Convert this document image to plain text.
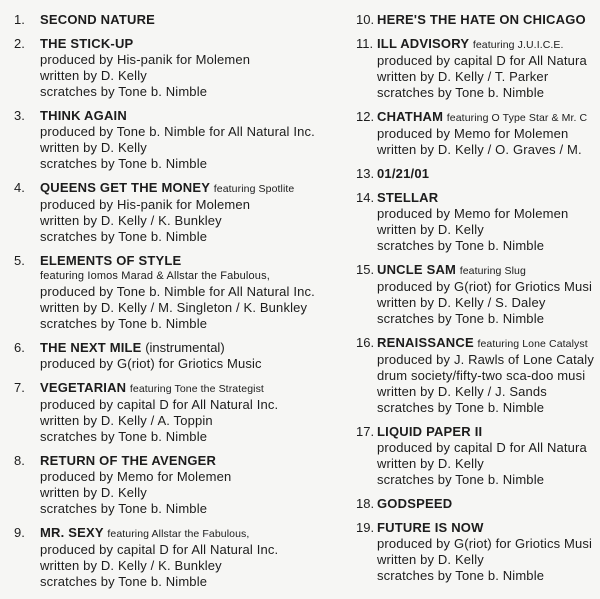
1. SECOND NATURE
2. THE STICK-UP
produced by His-panik for Molemen
written by D. Kelly
scratches by Tone b. Nimble
3. THINK AGAIN
produced by Tone b. Nimble for All Natural Inc.
written by D. Kelly
scratches by Tone b. Nimble
4. QUEENS GET THE MONEY featuring Spotlite
produced by His-panik for Molemen
written by D. Kelly / K. Bunkley
scratches by Tone b. Nimble
5. ELEMENTS OF STYLE
featuring Iomos Marad & Allstar the Fabulous,
produced by Tone b. Nimble for All Natural Inc.
written by D. Kelly / M. Singleton / K. Bunkley
scratches by Tone b. Nimble
6. THE NEXT MILE (instrumental)
produced by G(riot) for Griotics Music
7. VEGETARIAN featuring Tone the Strategist
produced by capital D for All Natural Inc.
written by D. Kelly / A. Toppin
scratches by Tone b. Nimble
8. RETURN OF THE AVENGER
produced by Memo for Molemen
written by D. Kelly
scratches by Tone b. Nimble
9. MR. SEXY featuring Allstar the Fabulous,
produced by capital D for All Natural Inc.
written by D. Kelly / K. Bunkley
scratches by Tone b. Nimble
10. HERE'S THE HATE ON CHICAGO
11. ILL ADVISORY featuring J.U.I.C.E.
produced by capital D for All Natura
written by D. Kelly / T. Parker
scratches by Tone b. Nimble
12. CHATHAM featuring O Type Star & Mr. C
produced by Memo for Molemen
written by D. Kelly / O. Graves / M.
13. 01/21/01
14. STELLAR
produced by Memo for Molemen
written by D. Kelly
scratches by Tone b. Nimble
15. UNCLE SAM featuring Slug
produced by G(riot) for Griotics Musi
written by D. Kelly / S. Daley
scratches by Tone b. Nimble
16. RENAISSANCE featuring Lone Catalyst
produced by J. Rawls of Lone Cataly
drum society/fifty-two sca-doo musi
written by D. Kelly / J. Sands
scratches by Tone b. Nimble
17. LIQUID PAPER II
produced by capital D for All Natura
written by D. Kelly
scratches by Tone b. Nimble
18. GODSPEED
19. FUTURE IS NOW
produced by G(riot) for Griotics Musi
written by D. Kelly
scratches by Tone b. Nimble
